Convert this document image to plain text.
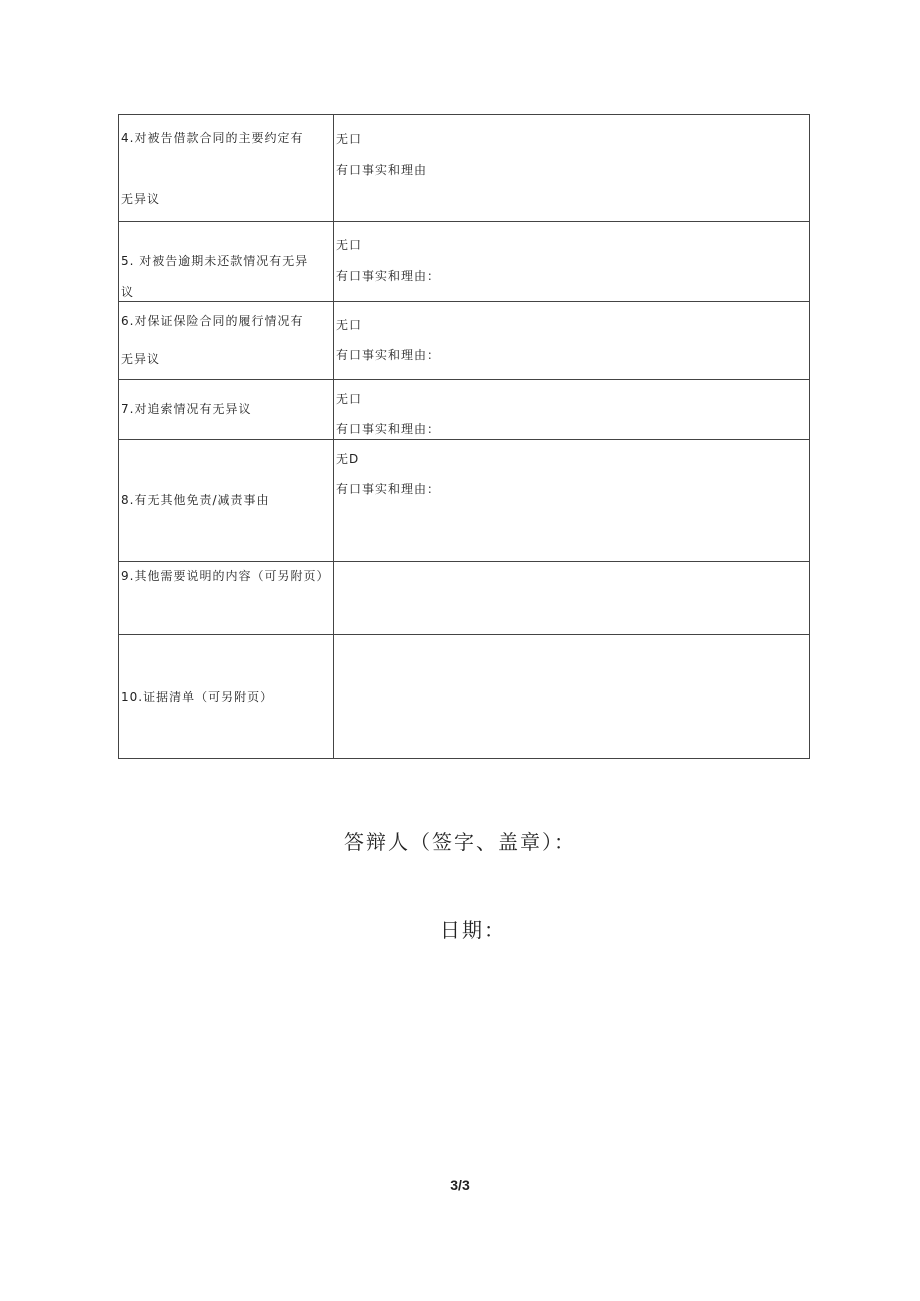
4.对被告借款合同的主要约定有
无异议	无口
有口事实和理由

5. 对被告逾期未还款情况有无异
议	无口
有口事实和理由：

6.对保证保险合同的履行情况有
无异议	无口
有口事实和理由：

7.对追索情况有无异议	无口
有口事实和理由：

8.有无其他免责/减责事由	无D
有口事实和理由：

9.其他需要说明的内容（可另附页）	

10.证据清单（可另附页）	

答辩人（签字、盖章）：
日期：
3/3
